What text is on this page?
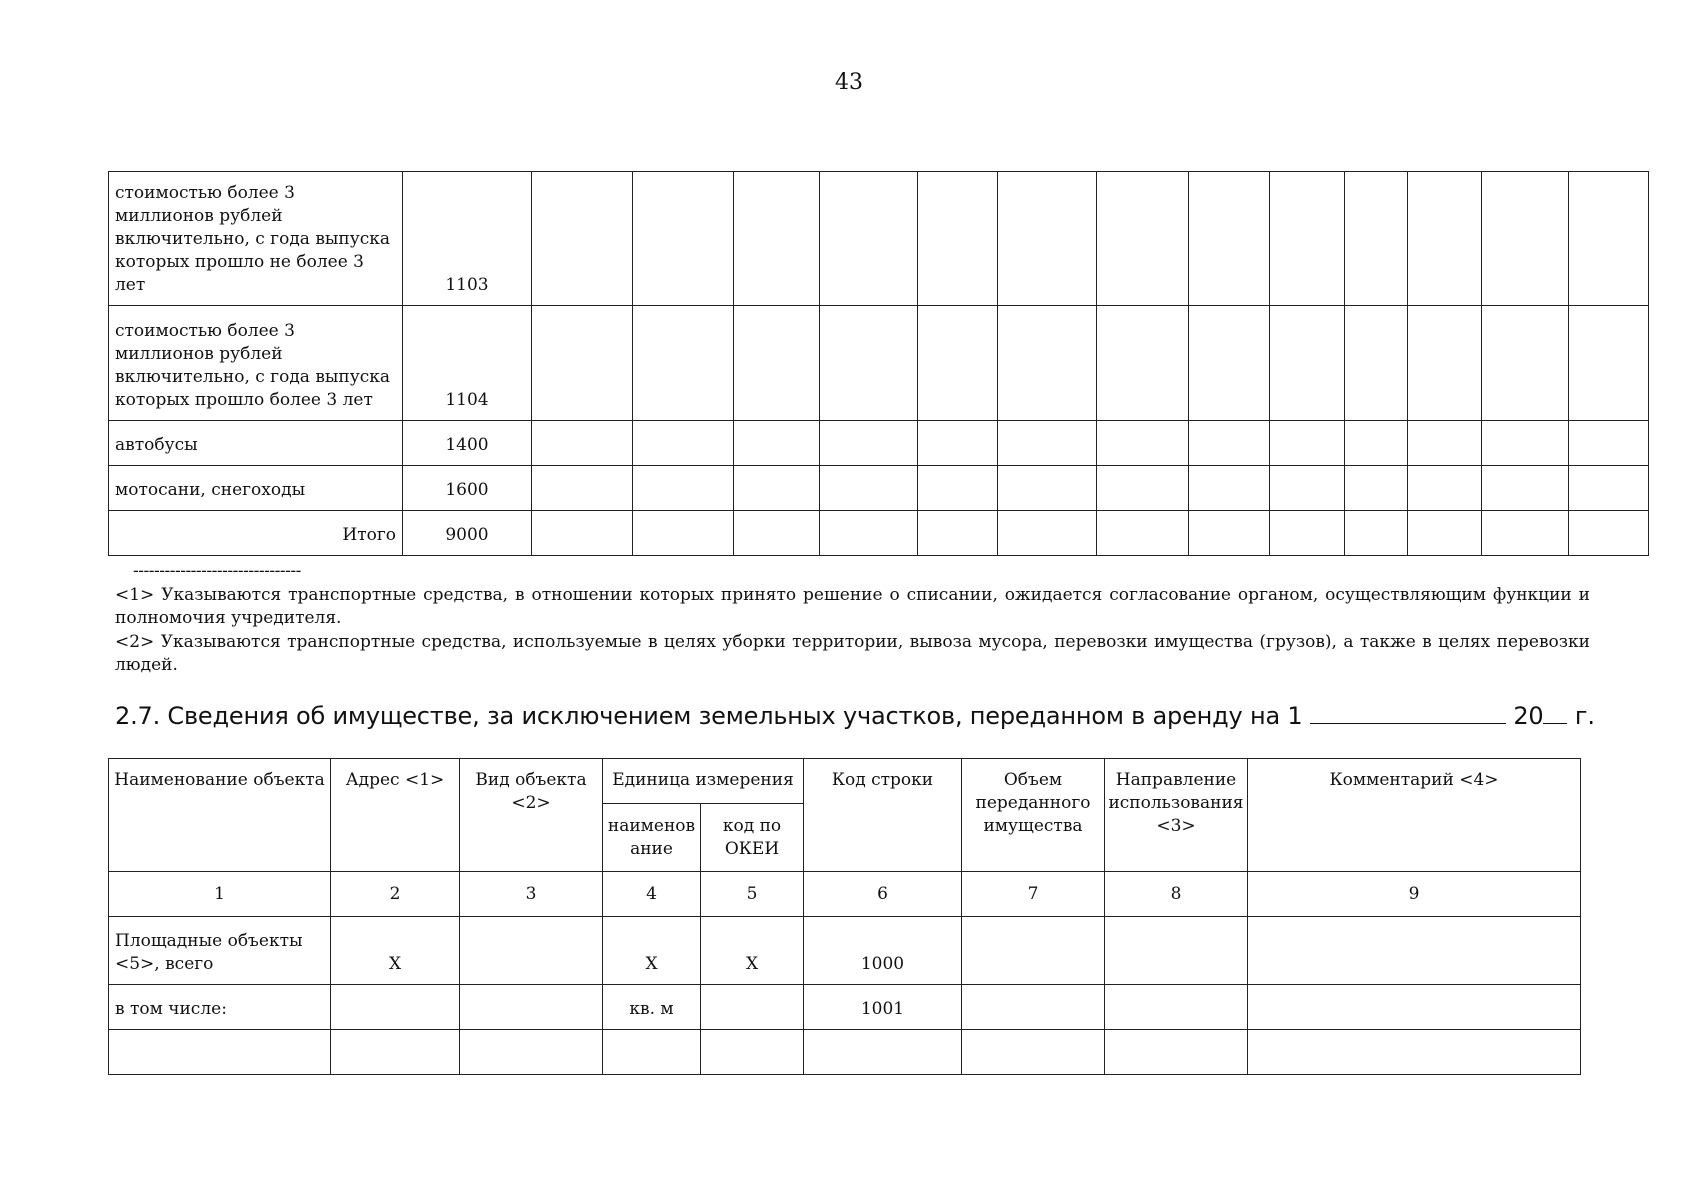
43
стоимостью более 3 миллионов рублей включительно, с года выпуска которых прошло не более 3 лет	1103													
стоимостью более 3 миллионов рублей включительно, с года выпуска которых прошло более 3 лет	1104													
автобусы	1400													
мотосани, снегоходы	1600													
Итого	9000													
--------------------------------
<1> Указываются транспортные средства, в отношении которых принято решение о списании, ожидается согласование органом, осуществляющим функции и полномочия учредителя.
<2> Указываются транспортные средства, используемые в целях уборки территории, вывоза мусора, перевозки имущества (грузов), а также в целях перевозки людей.
2.7. Сведения об имуществе, за исключением земельных участков, переданном в аренду на 1	20 г.
Наименование объекта	Адрес <1>	Вид объекта <2>	Единица измерения		Код строки	Объем переданного имущества	Направление использования <3>	Комментарий <4>
			наименов ание	код по ОКЕИ				
1	2	3	4	5	6	7	8	9
Площадные объекты <5>, всего	X		X	X	1000			
в том числе:			кв. м		1001			
